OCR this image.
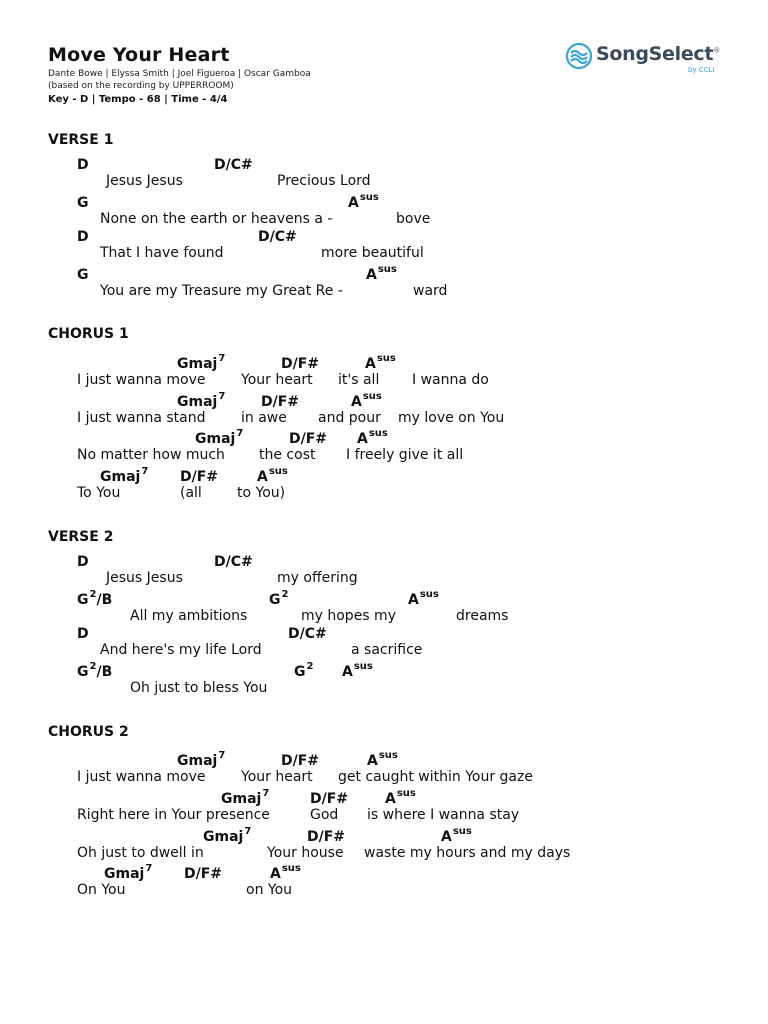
Move Your Heart
Dante Bowe | Elyssa Smith | Joel Figueroa | Oscar Gamboa
(based on the recording by UPPERROOM)
Key - D | Tempo - 68 | Time - 4/4
SongSelect®
by CCLI
VERSE 1
D	D/C#
Jesus Jesus	Precious Lord
G	$A^{sus}$
None on the earth or heavens a -	bove
D	D/C#
That I have found	more beautiful
G	$A^{sus}$
You are my Treasure my Great Re -	ward
CHORUS 1
Gmaj$^7$	D/F#	$A^{sus}$
I just wanna move	Your heart it's all I wanna do
Gmaj$^7$	D/F#	$A^{sus}$
I just wanna stand	in awe and pour my love on You
Gmaj$^7$	D/F# $A^{sus}$
No matter how much the cost I freely give it all
Gmaj$^7$ D/F#	$A^{sus}$
To You	(all	to You)
VERSE 2
D	D/C#
Jesus Jesus	my offering
$G^2/B$	$G^2$	$A^{sus}$
All my ambitions	my hopes my	dreams
D	D/C#
And here's my life Lord	a sacrifice
$G^2/B$	$G^2$ $A^{sus}$
Oh just to bless You
CHORUS 2
Gmaj$^7$	D/F#	$A^{sus}$
I just wanna move	Your heart get caught within Your gaze
Gmaj$^7$	D/F#	$A^{sus}$
Right here in Your presence	God is where I wanna stay
Gmaj$^7$	D/F#	$A^{sus}$
Oh just to dwell in	Your house waste my hours and my days
Gmaj$^7$ D/F#	$A^{sus}$
On You	on You
